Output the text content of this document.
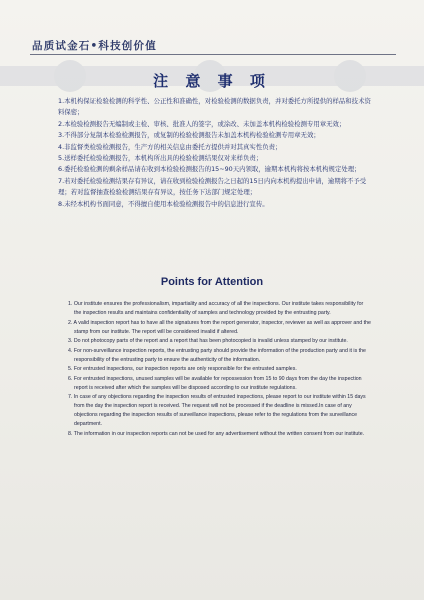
品质试金石•科技创价值
注 意 事 项
1.本机构保证检验检测的科学性、公正性和准确性，对检验检测的数据负责，并对委托方所提供的样品和技术资料保密；
2.本检验检测报告无编制或主检、审核、批准人的签字，或涂改、未加盖本机构检验检测专用章无效；
3.不得部分复制本检验检测报告，或复制的检验检测报告未加盖本机构检验检测专用章无效；
4.非监督类检验检测报告，生产方的相关信息由委托方提供并对其真实性负责；
5.送样委托检验检测报告，本机构所出具的检验检测结果仅对来样负责；
6.委托检验检测的剩余样品请在收到本检验检测报告的15~90天内领取，逾期本机构将按本机构规定处理；
7.若对委托检验检测结果存有异议，请在收到检验检测报告之日起的15日内向本机构提出申请，逾期将不予受理；若对监督抽查检验检测结果存有异议，按任务下达部门规定处理；
8.未经本机构书面同意，不得擅自使用本检验检测报告中的信息进行宣传。
Points for Attention
1. Our institute ensures the professionalism, impartiality and accuracy of all the inspections. Our institute takes responsibility for the inspection results and maintains confidentiality of samples and technology provided by the entrusting party.
2. A valid inspection report has to have all the signatures from the report generator, inspector, reviewer as well as approver and the stamp from our institute. The report will be considered invalid if altered.
3. Do not photocopy parts of the report and a report that has been photocopied is invalid unless stamped by our institute.
4. For non-surveillance inspection reports, the entrusting party should provide the information of the production party and it is the responsibility of the entrusting party to ensure the authenticity of the information.
5. For entrusted inspections, our inspection reports are only responsible for the entrusted samples.
6. For entrusted inspections, unused samples will be available for repossession from 15 to 90 days from the day the inspection report is received after which the samples will be disposed according to our institute regulations.
7. In case of any objections regarding the inspection results of entrusted inspections, please report to our institute within 15 days from the day the inspection report is received. The request will not be processed if the deadline is missed.In case of any objections regarding the inspection results of surveillance inspections, please refer to the regulations from the surveillance department.
8. The information in our inspection reports can not be used for any advertisement without the written consent from our institute.
